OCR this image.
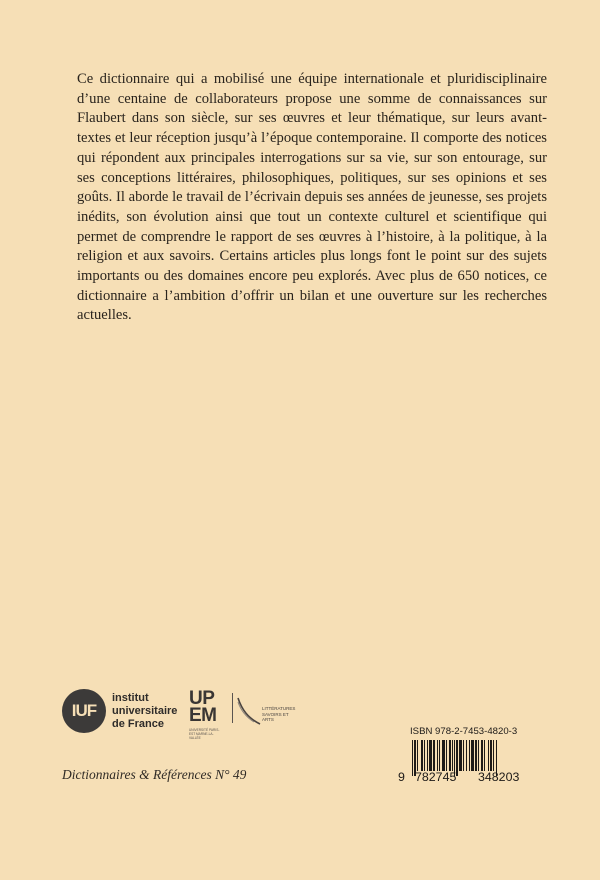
Ce dictionnaire qui a mobilisé une équipe internationale et pluridisciplinaire d’une centaine de collaborateurs propose une somme de connaissances sur Flaubert dans son siècle, sur ses œuvres et leur thématique, sur leurs avant-textes et leur réception jusqu’à l’époque contemporaine. Il comporte des notices qui répondent aux principales interrogations sur sa vie, sur son entourage, sur ses conceptions littéraires, philosophiques, politiques, sur ses opinions et ses goûts. Il aborde le travail de l’écrivain depuis ses années de jeunesse, ses projets inédits, son évolution ainsi que tout un contexte culturel et scientifique qui permet de comprendre le rapport de ses œuvres à l’histoire, à la politique, à la religion et aux savoirs. Certains articles plus longs font le point sur des sujets importants ou des domaines encore peu explorés. Avec plus de 650 notices, ce dictionnaire a l’ambition d’offrir un bilan et une ouverture sur les recherches actuelles.

IUF
institut
universitaire
de France
UP
EM
UNIVERSITÉ PARIS-EST MARNE-LA-VALLÉE
LITTÉRATURES
SAVOIRS ET
ARTS
Dictionnaires & Références N° 49
ISBN 978-2-7453-4820-3
9 782745 348203
